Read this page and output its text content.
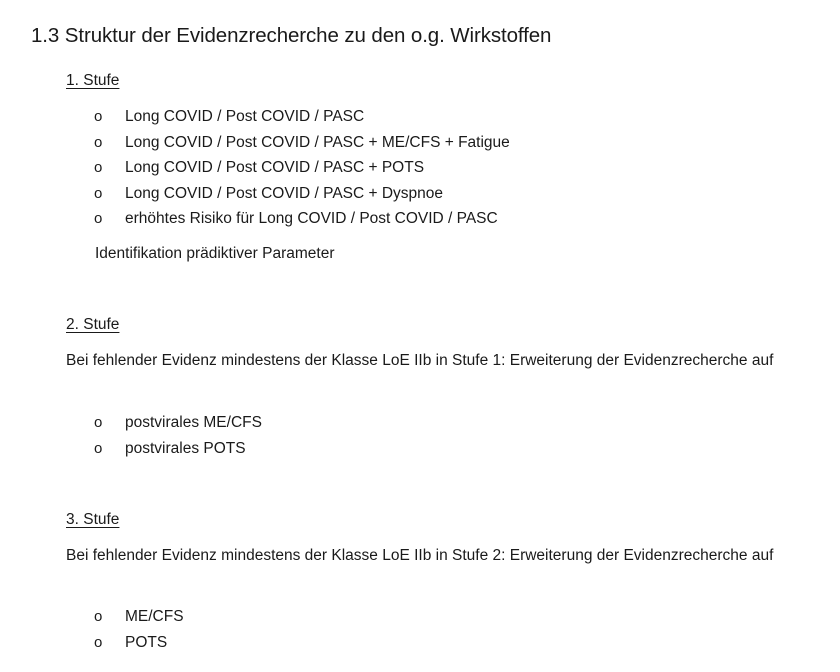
1.3 Struktur der Evidenzrecherche zu den o.g. Wirkstoffen
1. Stufe
o	Long COVID / Post COVID / PASC
o	Long COVID / Post COVID / PASC + ME/CFS + Fatigue
o	Long COVID / Post COVID / PASC + POTS
o	Long COVID / Post COVID / PASC + Dyspnoe
o	erhöhtes Risiko für Long COVID / Post COVID / PASC
Identifikation prädiktiver Parameter
2. Stufe
Bei fehlender Evidenz mindestens der Klasse LoE IIb in Stufe 1: Erweiterung der Evidenzrecherche auf
o	postvirales ME/CFS
o	postvirales POTS
3. Stufe
Bei fehlender Evidenz mindestens der Klasse LoE IIb in Stufe 2: Erweiterung der Evidenzrecherche auf
o	ME/CFS
o	POTS
